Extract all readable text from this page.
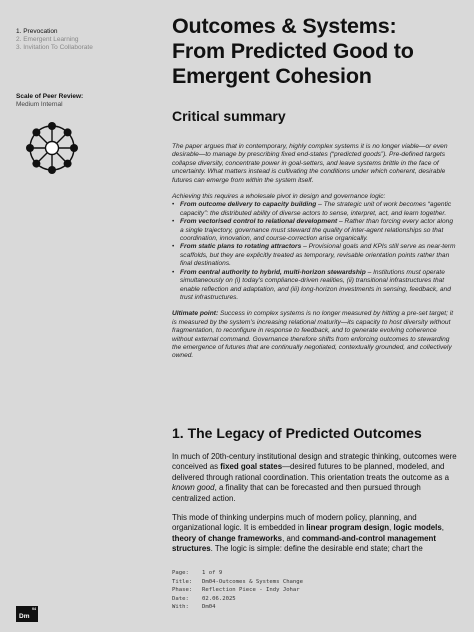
1. Prevocation
2. Emergent Learning
3. Invitation To Collaborate
Scale of Peer Review:
Medium Internal
Outcomes & Systems:
From Predicted Good to
Emergent Cohesion
Critical summary

The paper argues that in contemporary, highly complex systems it is no longer viable—or even desirable—to manage by prescribing fixed end-states (“predicted goods”). Pre-defined targets collapse diversity, concentrate power in goal-setters, and leave systems brittle in the face of uncertainty. What matters instead is cultivating the conditions under which coherent, desirable futures can emerge from within the system itself.

Achieving this requires a wholesale pivot in design and governance logic:

• From outcome delivery to capacity building – The strategic unit of work becomes “agentic capacity”: the distributed ability of diverse actors to sense, interpret, act, and learn together.
• From vectorised control to relational development – Rather than forcing every actor along a single trajectory, governance must steward the quality of inter-agent relationships so that coordination, innovation, and course-correction arise organically.
• From static plans to rotating attractors – Provisional goals and KPIs still serve as near-term scaffolds, but they are explicitly treated as temporary, revisable orientation points rather than final destinations.
• From central authority to hybrid, multi-horizon stewardship – Institutions must operate simultaneously on (i) today’s compliance-driven realities, (ii) transitional infrastructures that enable reflection and adaptation, and (iii) long-horizon investments in sensing, feedback, and trust infrastructures.

Ultimate point: Success in complex systems is no longer measured by hitting a pre-set target; it is measured by the system’s increasing relational maturity—its capacity to host diversity without fragmentation, to reconfigure in response to feedback, and to generate evolving coherence without external command. Governance therefore shifts from enforcing outcomes to stewarding the emergence of futures that are continually negotiated, contextually grounded, and collectively owned.

1. The Legacy of Predicted Outcomes

In much of 20th-century institutional design and strategic thinking, outcomes were conceived as fixed goal states—desired futures to be planned, modeled, and delivered through rational coordination. This orientation treats the outcome as a known good, a finality that can be forecasted and then pursued through centralized action.

This mode of thinking underpins much of modern policy, planning, and organizational logic. It is embedded in linear program design, logic models, theory of change frameworks, and command-and-control management structures. The logic is simple: define the desirable end state; chart the

Page:	1 of 9
Title:	Dm04-Outcomes & Systems Change
Phase:	Reflection Piece - Indy Johar
Date:	02.06.2025
With:	Dm04
Dm
04
